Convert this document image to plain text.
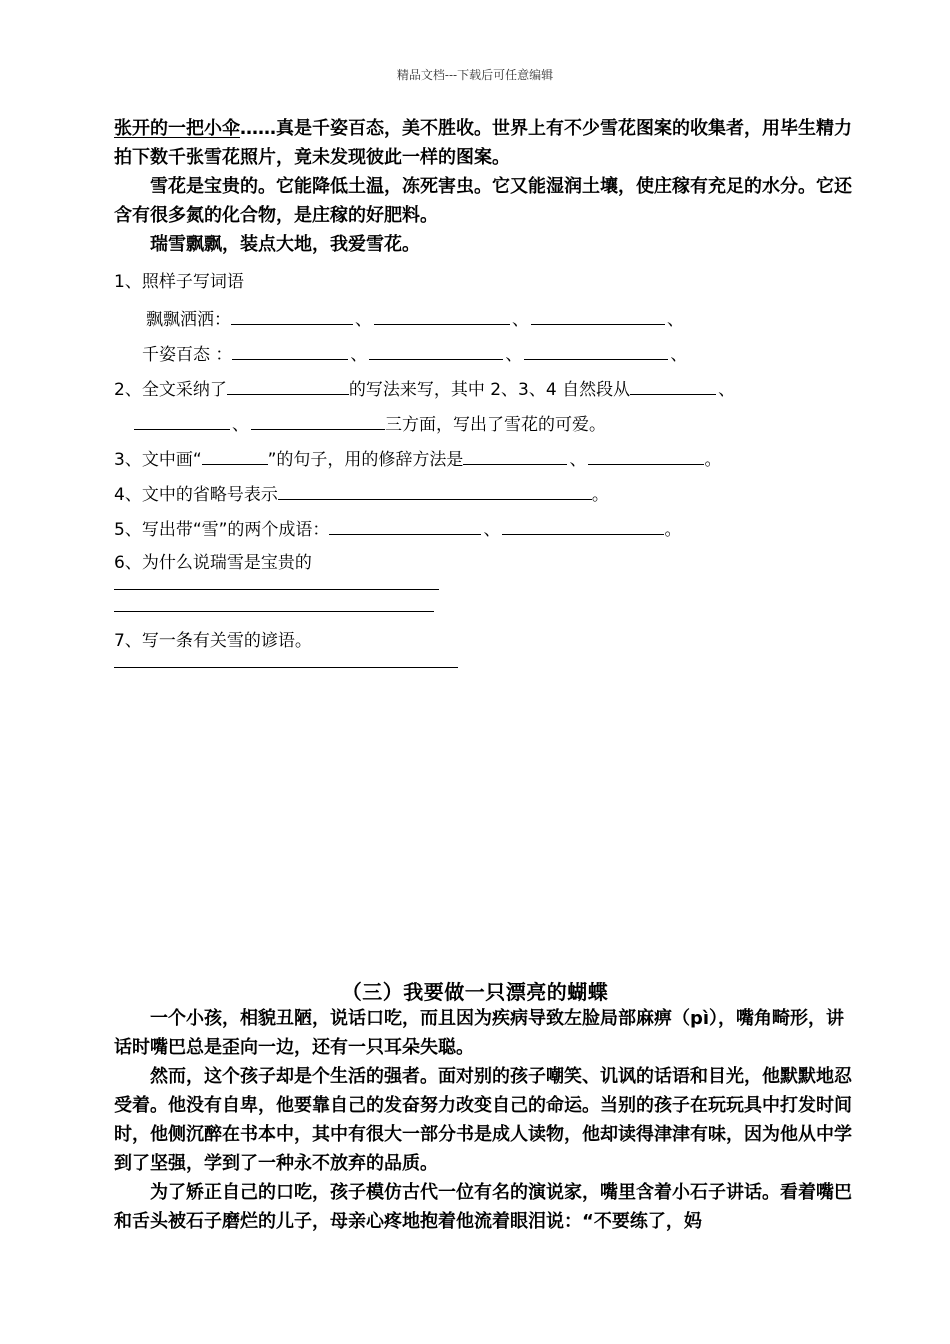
精品文档---下载后可任意编辑

张开的一把小伞……真是千姿百态，美不胜收。世界上有不少雪花图案的收集者，用毕生精力拍下数千张雪花照片，竟未发现彼此一样的图案。

雪花是宝贵的。它能降低土温，冻死害虫。它又能湿润土壤，使庄稼有充足的水分。它还含有很多氮的化合物，是庄稼的好肥料。

瑞雪飘飘，装点大地，我爱雪花。

1、照样子写词语
飘飘洒洒：	、	、	、
千姿百态 ：	、	、	、
2、全文采纳了	的写法来写，其中 2、3、4 自然段从	、
、	三方面，写出了雪花的可爱。
3、文中画“	”的句子，用的修辞方法是	、	。
4、文中的省略号表示	。
5、写出带“雪”的两个成语：	、	。
6、为什么说瑞雪是宝贵的
7、写一条有关雪的谚语。
（三）我要做一只漂亮的蝴蝶

一个小孩，相貌丑陋，说话口吃，而且因为疾病导致左脸局部麻痹（pì），嘴角畸形，讲话时嘴巴总是歪向一边，还有一只耳朵失聪。

然而，这个孩子却是个生活的强者。面对别的孩子嘲笑、讥讽的话语和目光，他默默地忍受着。他没有自卑，他要靠自己的发奋努力改变自己的命运。当别的孩子在玩玩具中打发时间时，他侧沉醉在书本中，其中有很大一部分书是成人读物，他却读得津津有味，因为他从中学到了坚强，学到了一种永不放弃的品质。

为了矫正自己的口吃，孩子模仿古代一位有名的演说家，嘴里含着小石子讲话。看着嘴巴和舌头被石子磨烂的儿子，母亲心疼地抱着他流着眼泪说：“不要练了，妈
